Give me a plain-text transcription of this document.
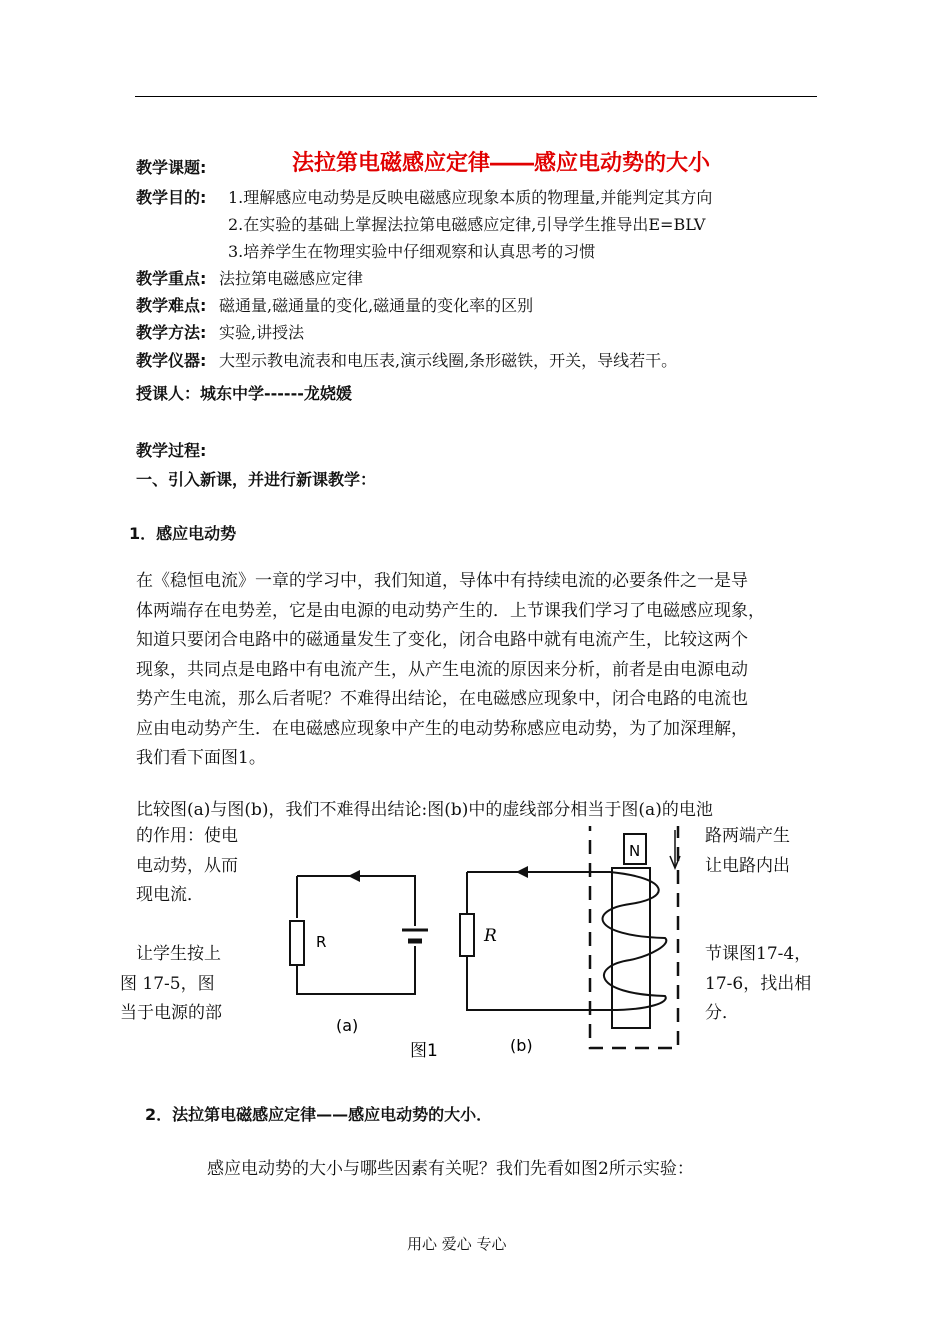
教学课题:	法拉第电磁感应定律――感应电动势的大小
教学目的: 1.理解感应电动势是反映电磁感应现象本质的物理量,并能判定其方向
2.在实验的基础上掌握法拉第电磁感应定律,引导学生推导出E=BLV
3.培养学生在物理实验中仔细观察和认真思考的习惯
教学重点: 法拉第电磁感应定律
教学难点: 磁通量,磁通量的变化,磁通量的变化率的区别
教学方法: 实验,讲授法
教学仪器: 大型示教电流表和电压表,演示线圈,条形磁铁，开关，导线若干。
授课人：城东中学------龙娆媛
教学过程:
一、引入新课，并进行新课教学：
1．感应电动势

在《稳恒电流》一章的学习中，我们知道，导体中有持续电流的必要条件之一是导

体两端存在电势差，它是由电源的电动势产生的．上节课我们学习了电磁感应现象，

知道只要闭合电路中的磁通量发生了变化，闭合电路中就有电流产生，比较这两个

现象，共同点是电路中有电流产生，从产生电流的原因来分析，前者是由电源电动

势产生电流，那么后者呢？不难得出结论，在电磁感应现象中，闭合电路的电流也

应由电动势产生．在电磁感应现象中产生的电动势称感应电动势，为了加深理解，

我们看下面图1。

比较图(a)与图(b)，我们不难得出结论:图(b)中的虚线部分相当于图(a)的电池

的作用：使电

电动势，从而

现电流．

让学生按上

图 17-5，图

当于电源的部

路两端产生

让电路内出

节课图17-4，

17-6，找出相

分．

R	R
N
(a)
(b)
图1
2．法拉第电磁感应定律——感应电动势的大小．
感应电动势的大小与哪些因素有关呢？我们先看如图2所示实验：
用心 爱心 专心
